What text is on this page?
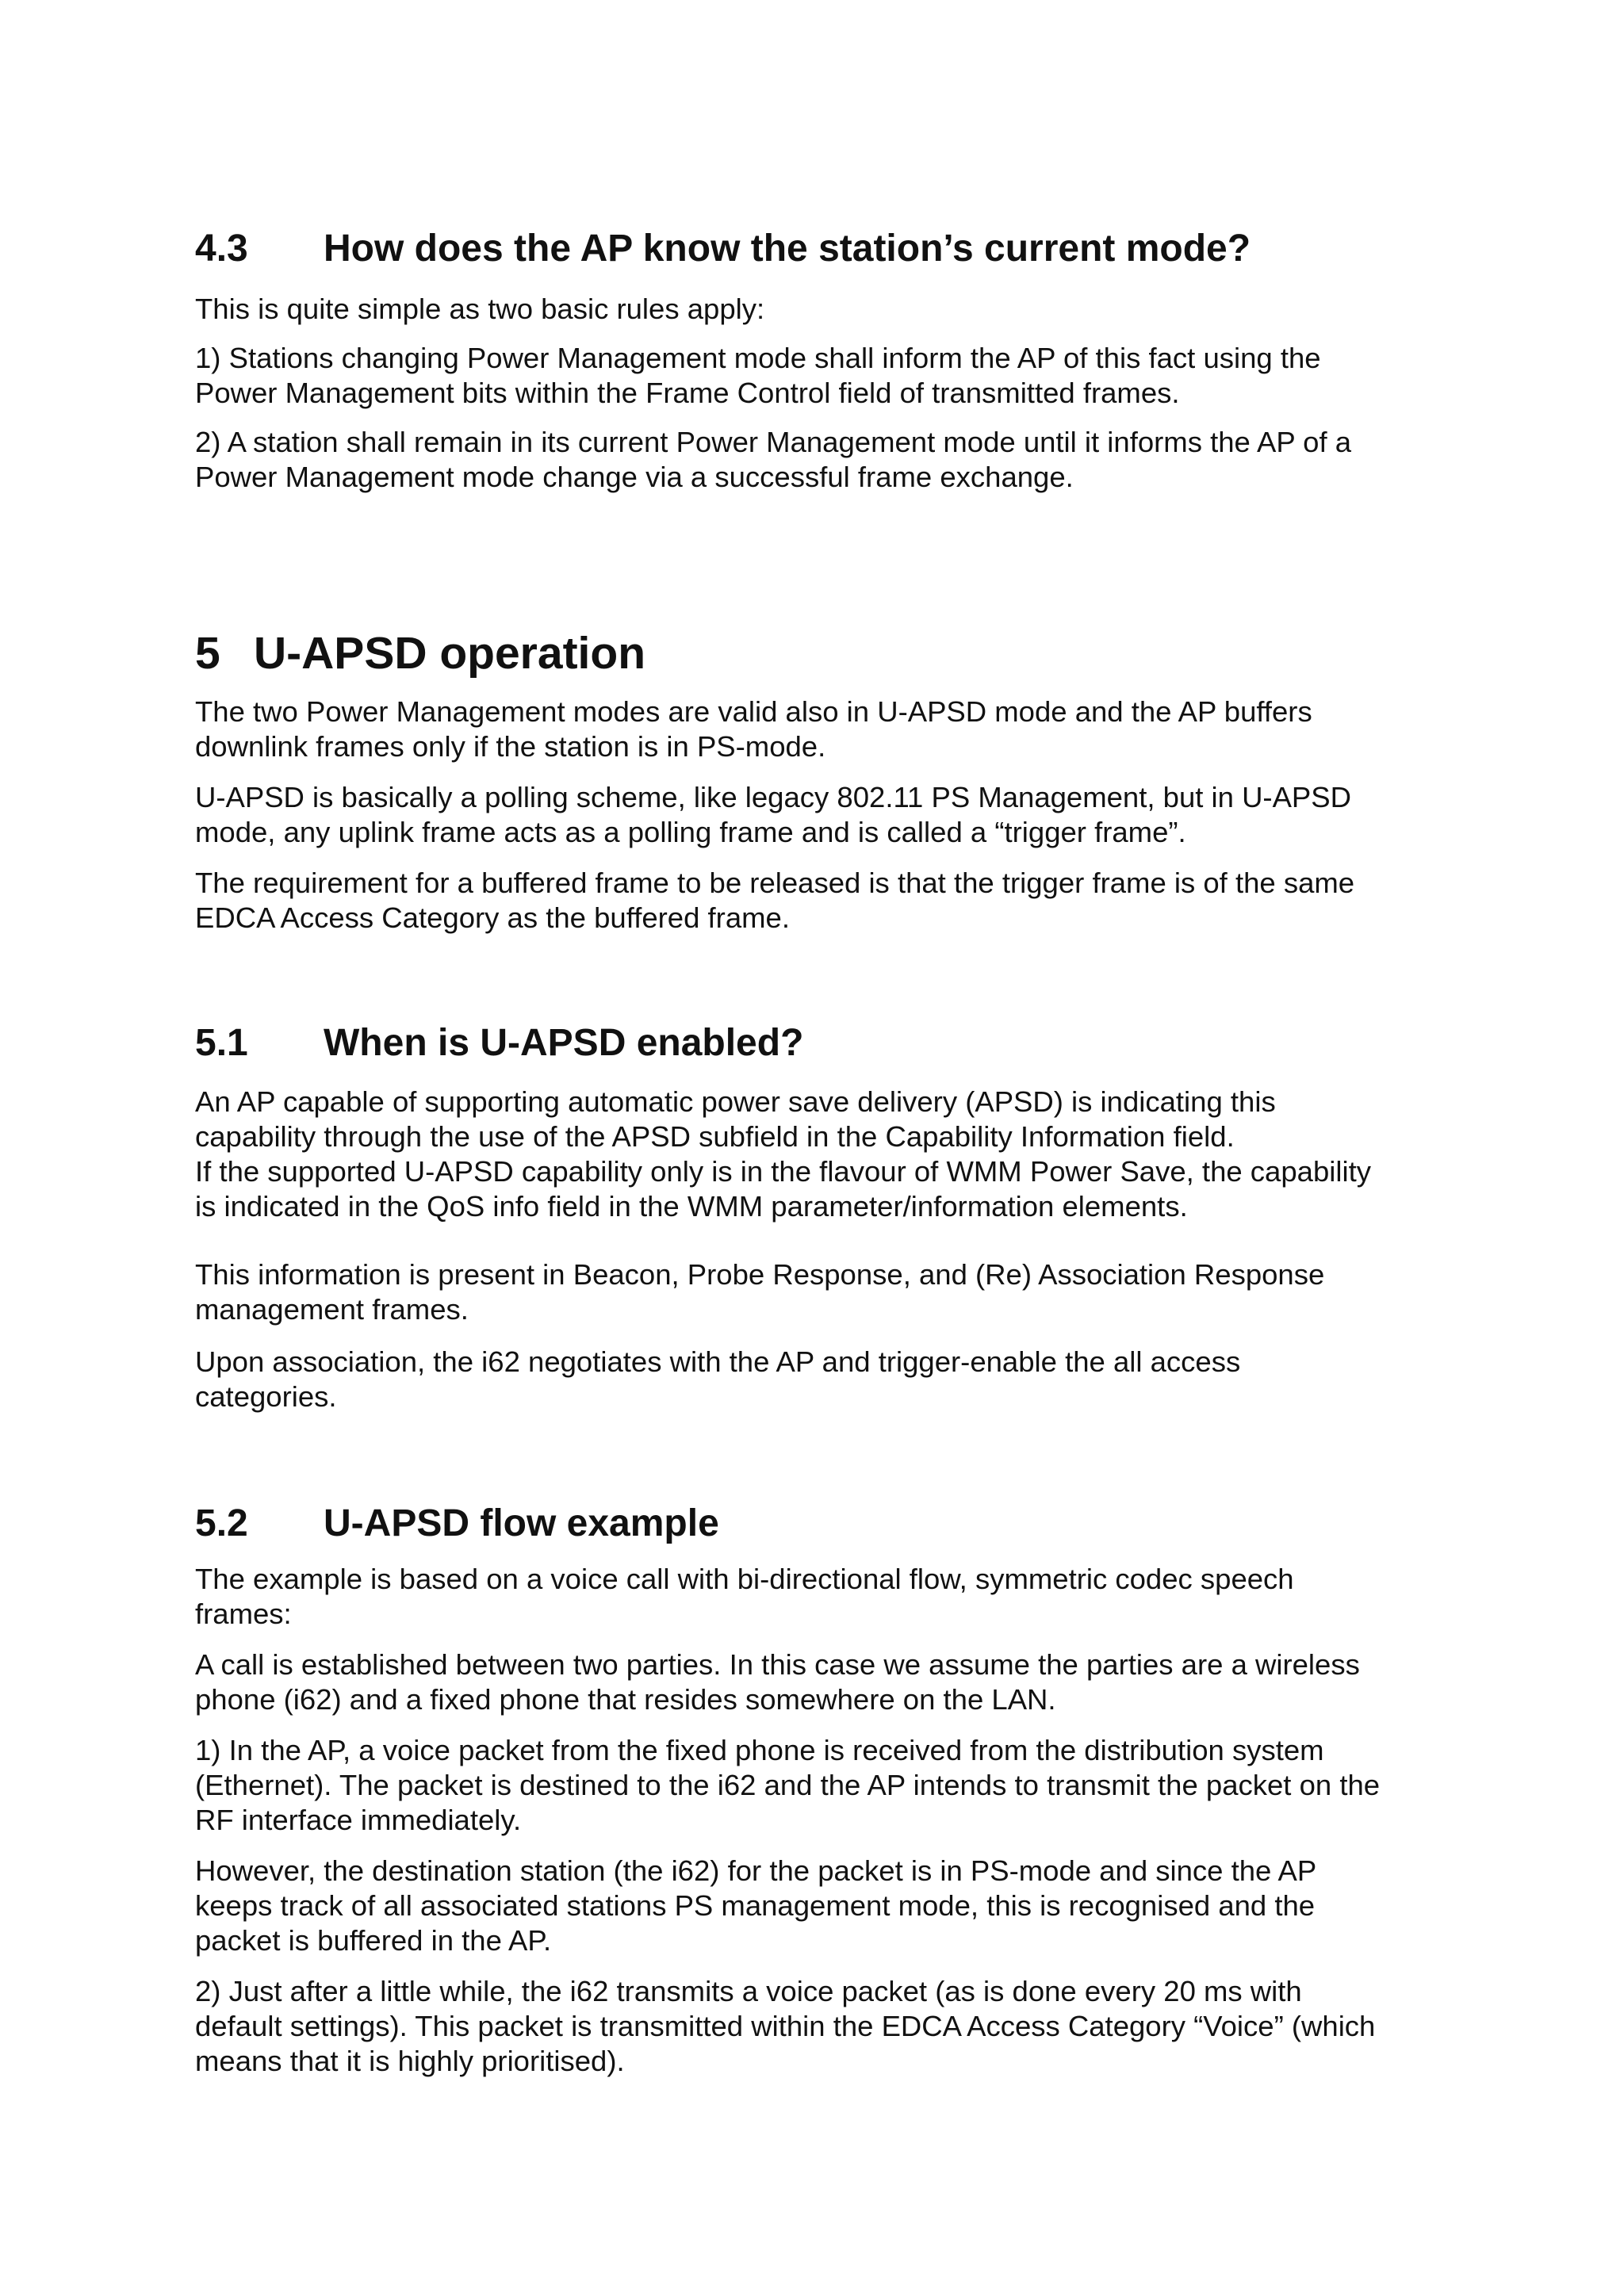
4.3 How does the AP know the station’s current mode?

This is quite simple as two basic rules apply:

1) Stations changing Power Management mode shall inform the AP of this fact using the
Power Management bits within the Frame Control field of transmitted frames.

2) A station shall remain in its current Power Management mode until it informs the AP of a
Power Management mode change via a successful frame exchange.

5 U-APSD operation

The two Power Management modes are valid also in U-APSD mode and the AP buffers
downlink frames only if the station is in PS-mode.

U-APSD is basically a polling scheme, like legacy 802.11 PS Management, but in U-APSD
mode, any uplink frame acts as a polling frame and is called a “trigger frame”.

The requirement for a buffered frame to be released is that the trigger frame is of the same
EDCA Access Category as the buffered frame.

5.1 When is U-APSD enabled?

An AP capable of supporting automatic power save delivery (APSD) is indicating this
capability through the use of the APSD subfield in the Capability Information field.
If the supported U-APSD capability only is in the flavour of WMM Power Save, the capability
is indicated in the QoS info field in the WMM parameter/information elements.

This information is present in Beacon, Probe Response, and (Re) Association Response
management frames.

Upon association, the i62 negotiates with the AP and trigger-enable the all access
categories.

5.2 U-APSD flow example

The example is based on a voice call with bi-directional flow, symmetric codec speech
frames:

A call is established between two parties. In this case we assume the parties are a wireless
phone (i62) and a fixed phone that resides somewhere on the LAN.

1) In the AP, a voice packet from the fixed phone is received from the distribution system
(Ethernet). The packet is destined to the i62 and the AP intends to transmit the packet on the
RF interface immediately.

However, the destination station (the i62) for the packet is in PS-mode and since the AP
keeps track of all associated stations PS management mode, this is recognised and the
packet is buffered in the AP.

2) Just after a little while, the i62 transmits a voice packet (as is done every 20 ms with
default settings). This packet is transmitted within the EDCA Access Category “Voice” (which
means that it is highly prioritised).
